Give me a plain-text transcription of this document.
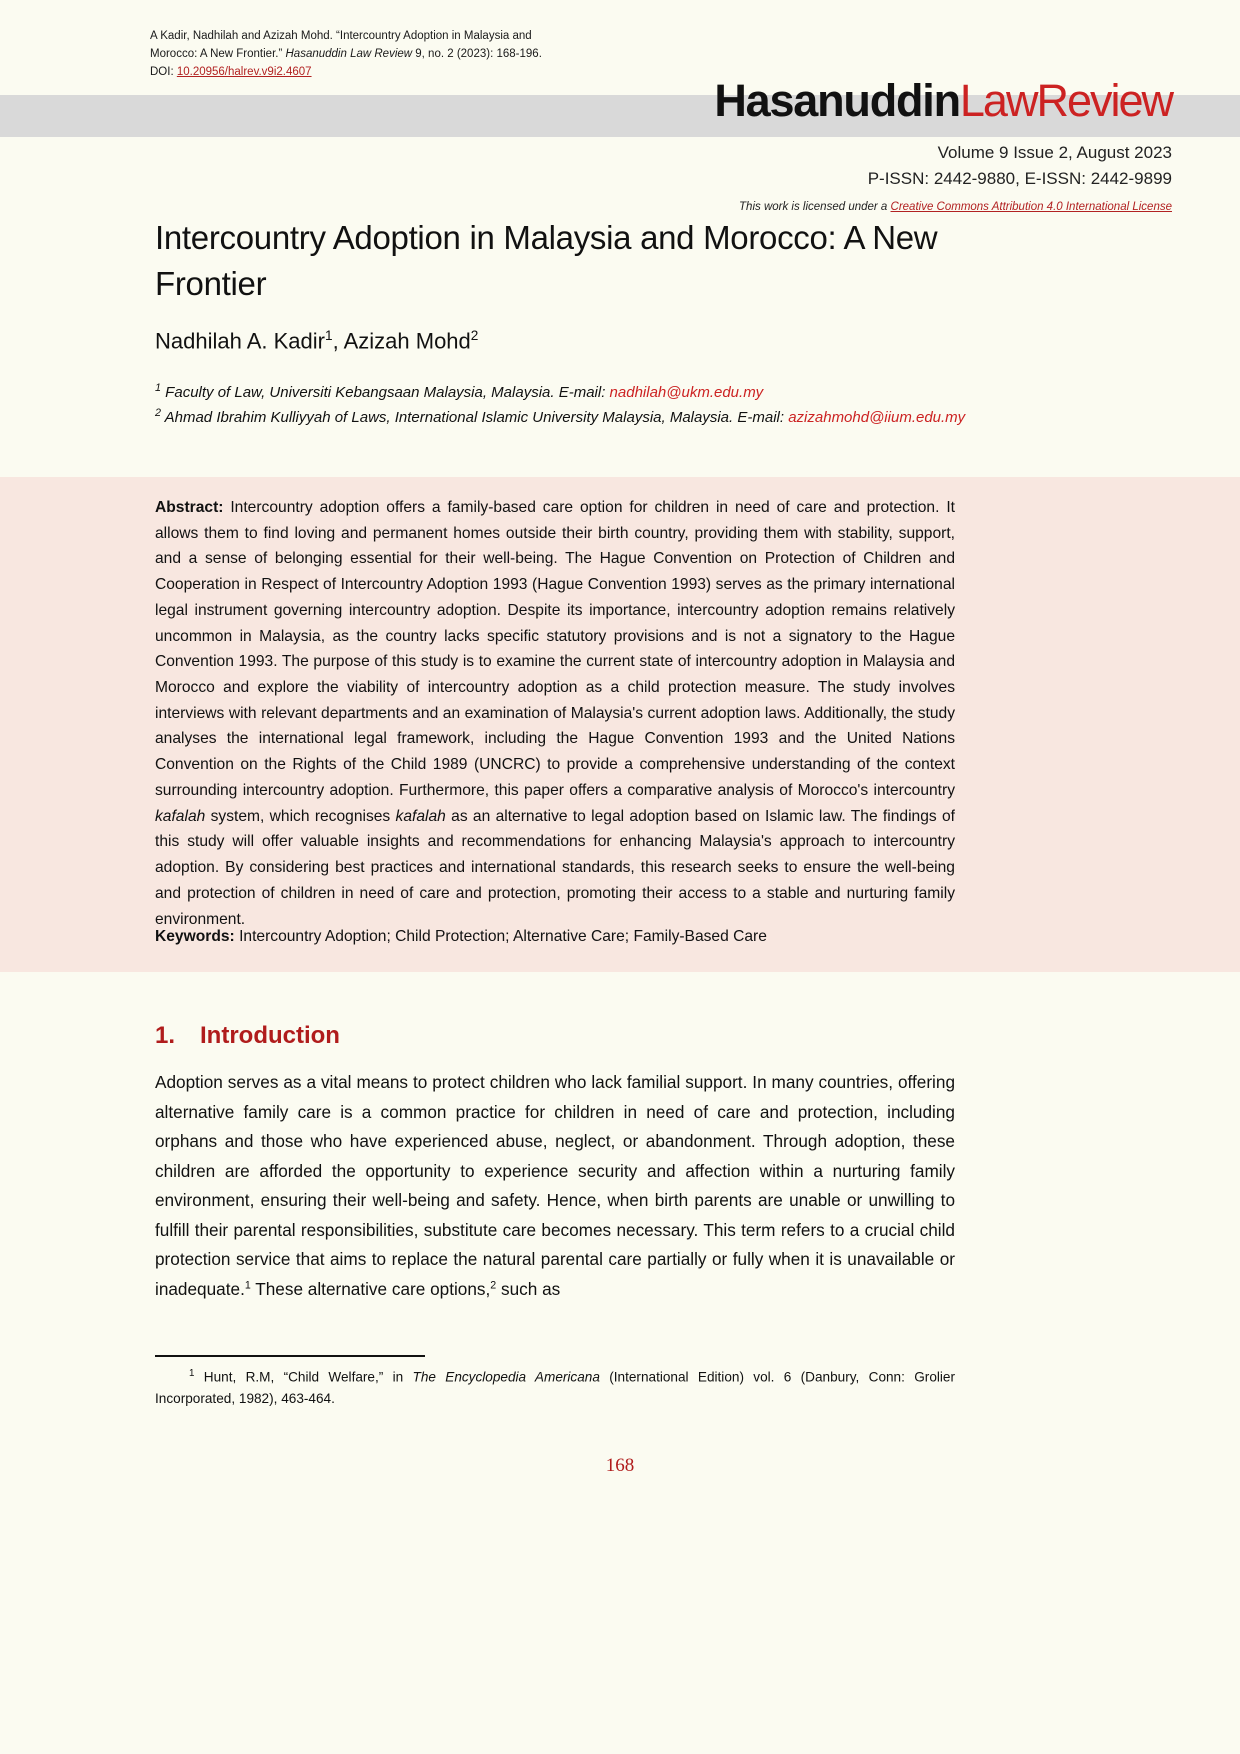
A Kadir, Nadhilah and Azizah Mohd. “Intercountry Adoption in Malaysia and Morocco: A New Frontier.” Hasanuddin Law Review 9, no. 2 (2023): 168-196. DOI: 10.20956/halrev.v9i2.4607
HasanuddinLawReview
Volume 9 Issue 2, August 2023
P-ISSN: 2442-9880, E-ISSN: 2442-9899
This work is licensed under a Creative Commons Attribution 4.0 International License
Intercountry Adoption in Malaysia and Morocco: A New Frontier
Nadhilah A. Kadir$^1$, Azizah Mohd$^2$
$^1$ Faculty of Law, Universiti Kebangsaan Malaysia, Malaysia. E-mail: nadhilah@ukm.edu.my
$^2$ Ahmad Ibrahim Kulliyyah of Laws, International Islamic University Malaysia, Malaysia. E-mail: azizahmohd@iium.edu.my
Abstract: Intercountry adoption offers a family-based care option for children in need of care and protection. It allows them to find loving and permanent homes outside their birth country, providing them with stability, support, and a sense of belonging essential for their well-being. The Hague Convention on Protection of Children and Cooperation in Respect of Intercountry Adoption 1993 (Hague Convention 1993) serves as the primary international legal instrument governing intercountry adoption. Despite its importance, intercountry adoption remains relatively uncommon in Malaysia, as the country lacks specific statutory provisions and is not a signatory to the Hague Convention 1993. The purpose of this study is to examine the current state of intercountry adoption in Malaysia and Morocco and explore the viability of intercountry adoption as a child protection measure. The study involves interviews with relevant departments and an examination of Malaysia's current adoption laws. Additionally, the study analyses the international legal framework, including the Hague Convention 1993 and the United Nations Convention on the Rights of the Child 1989 (UNCRC) to provide a comprehensive understanding of the context surrounding intercountry adoption. Furthermore, this paper offers a comparative analysis of Morocco's intercountry kafalah system, which recognises kafalah as an alternative to legal adoption based on Islamic law. The findings of this study will offer valuable insights and recommendations for enhancing Malaysia's approach to intercountry adoption. By considering best practices and international standards, this research seeks to ensure the well-being and protection of children in need of care and protection, promoting their access to a stable and nurturing family environment.
Keywords: Intercountry Adoption; Child Protection; Alternative Care; Family-Based Care
1. Introduction
Adoption serves as a vital means to protect children who lack familial support. In many countries, offering alternative family care is a common practice for children in need of care and protection, including orphans and those who have experienced abuse, neglect, or abandonment. Through adoption, these children are afforded the opportunity to experience security and affection within a nurturing family environment, ensuring their well-being and safety. Hence, when birth parents are unable or unwilling to fulfill their parental responsibilities, substitute care becomes necessary. This term refers to a crucial child protection service that aims to replace the natural parental care partially or fully when it is unavailable or inadequate.$^1$ These alternative care options,$^2$ such as
$^1$ Hunt, R.M, “Child Welfare,” in The Encyclopedia Americana (International Edition) vol. 6 (Danbury, Conn: Grolier Incorporated, 1982), 463-464.
168
